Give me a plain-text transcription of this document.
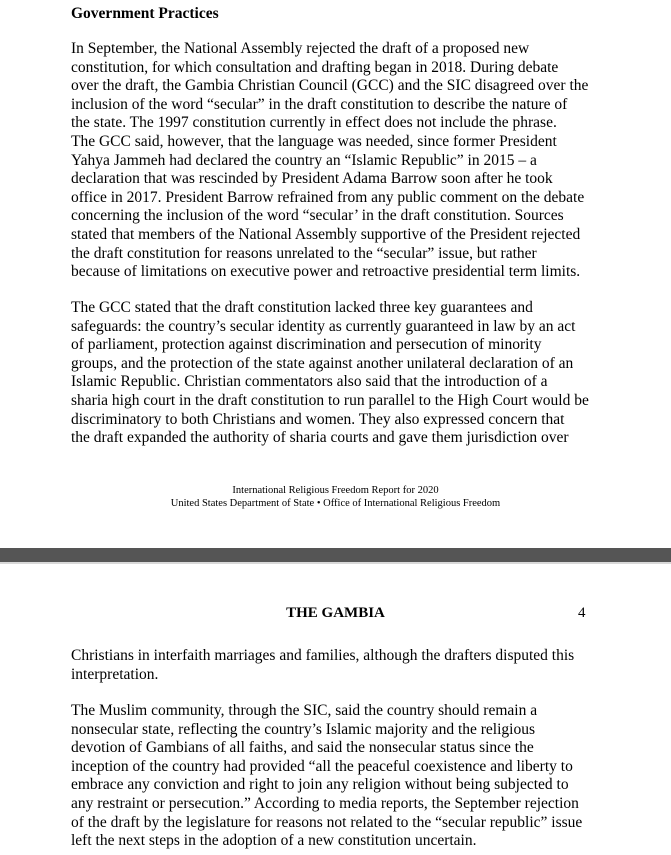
Government Practices

In September, the National Assembly rejected the draft of a proposed new
constitution, for which consultation and drafting began in 2018. During debate
over the draft, the Gambia Christian Council (GCC) and the SIC disagreed over the
inclusion of the word “secular” in the draft constitution to describe the nature of
the state. The 1997 constitution currently in effect does not include the phrase.
The GCC said, however, that the language was needed, since former President
Yahya Jammeh had declared the country an “Islamic Republic” in 2015 – a
declaration that was rescinded by President Adama Barrow soon after he took
office in 2017. President Barrow refrained from any public comment on the debate
concerning the inclusion of the word “secular’ in the draft constitution. Sources
stated that members of the National Assembly supportive of the President rejected
the draft constitution for reasons unrelated to the “secular” issue, but rather
because of limitations on executive power and retroactive presidential term limits.

The GCC stated that the draft constitution lacked three key guarantees and
safeguards: the country’s secular identity as currently guaranteed in law by an act
of parliament, protection against discrimination and persecution of minority
groups, and the protection of the state against another unilateral declaration of an
Islamic Republic. Christian commentators also said that the introduction of a
sharia high court in the draft constitution to run parallel to the High Court would be
discriminatory to both Christians and women. They also expressed concern that
the draft expanded the authority of sharia courts and gave them jurisdiction over

International Religious Freedom Report for 2020
United States Department of State • Office of International Religious Freedom
THE GAMBIA	4

Christians in interfaith marriages and families, although the drafters disputed this
interpretation.

The Muslim community, through the SIC, said the country should remain a
nonsecular state, reflecting the country’s Islamic majority and the religious
devotion of Gambians of all faiths, and said the nonsecular status since the
inception of the country had provided “all the peaceful coexistence and liberty to
embrace any conviction and right to join any religion without being subjected to
any restraint or persecution.” According to media reports, the September rejection
of the draft by the legislature for reasons not related to the “secular republic” issue
left the next steps in the adoption of a new constitution uncertain.
